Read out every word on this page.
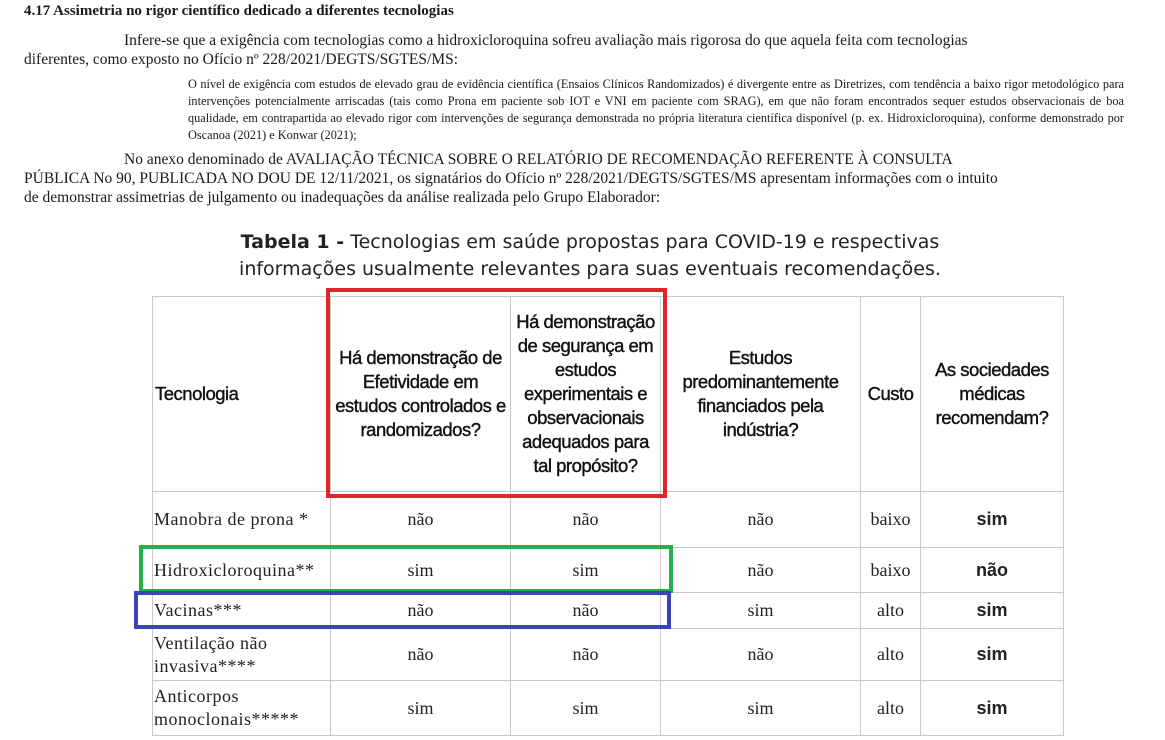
4.17 Assimetria no rigor científico dedicado a diferentes tecnologias
Infere-se que a exigência com tecnologias como a hidroxicloroquina sofreu avaliação mais rigorosa do que aquela feita com tecnologias
diferentes, como exposto no Ofício nº 228/2021/DEGTS/SGTES/MS:
O nível de exigência com estudos de elevado grau de evidência científica (Ensaios Clínicos Randomizados) é divergente entre as Diretrizes, com tendência a baixo rigor metodológico para intervenções potencialmente arriscadas (tais como Prona em paciente sob IOT e VNI em paciente com SRAG), em que não foram encontrados sequer estudos observacionais de boa qualidade, em contrapartida ao elevado rigor com intervenções de segurança demonstrada no própria literatura científica disponível (p. ex. Hidroxicloroquina), conforme demonstrado por Oscanoa (2021) e Konwar (2021);
No anexo denominado de AVALIAÇÃO TÉCNICA SOBRE O RELATÓRIO DE RECOMENDAÇÃO REFERENTE À CONSULTA
PÚBLICA No 90, PUBLICADA NO DOU DE 12/11/2021, os signatários do Ofício nº 228/2021/DEGTS/SGTES/MS apresentam informações com o intuito
de demonstrar assimetrias de julgamento ou inadequações da análise realizada pelo Grupo Elaborador:
Tabela 1 - Tecnologias em saúde propostas para COVID-19 e respectivas
informações usualmente relevantes para suas eventuais recomendações.
Tecnologia	Há demonstração de Efetividade em estudos controlados e randomizados?	Há demonstração de segurança em estudos experimentais e observacionais adequados para tal propósito?	Estudos predominantemente financiados pela indústria?	Custo	As sociedades médicas recomendam?
Manobra de prona *	não	não	não	baixo	sim
Hidroxicloroquina**	sim	sim	não	baixo	não
Vacinas***	não	não	sim	alto	sim
Ventilação não invasiva****	não	não	não	alto	sim
Anticorpos monoclonais*****	sim	sim	sim	alto	sim
